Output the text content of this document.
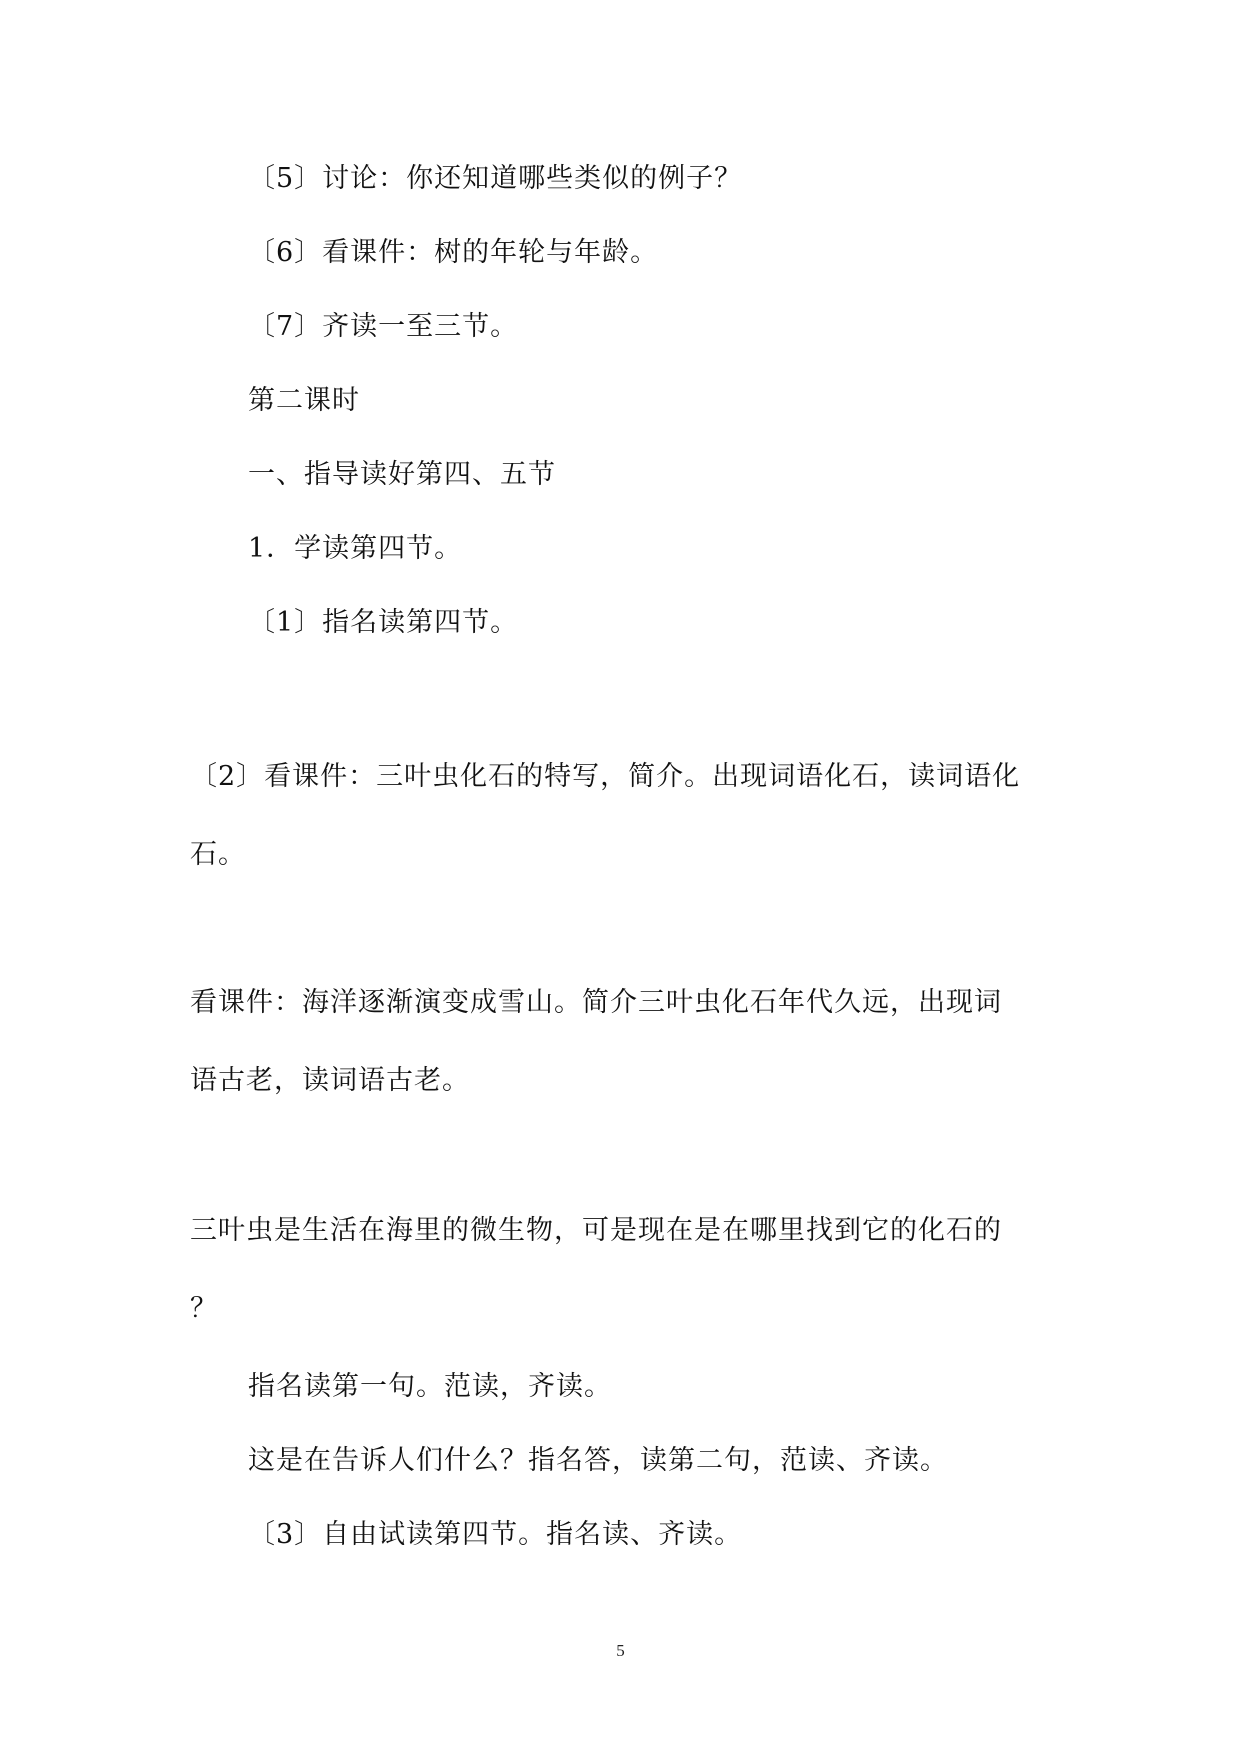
〔5〕讨论：你还知道哪些类似的例子？
〔6〕看课件：树的年轮与年龄。
〔7〕齐读一至三节。
第二课时
一、指导读好第四、五节
1．学读第四节。
〔1〕指名读第四节。
〔2〕看课件：三叶虫化石的特写，简介。出现词语化石，读词语化
石。
看课件：海洋逐渐演变成雪山。简介三叶虫化石年代久远，出现词
语古老，读词语古老。
三叶虫是生活在海里的微生物，可是现在是在哪里找到它的化石的
？
指名读第一句。范读，齐读。
这是在告诉人们什么？指名答，读第二句，范读、齐读。
〔3〕自由试读第四节。指名读、齐读。
5
